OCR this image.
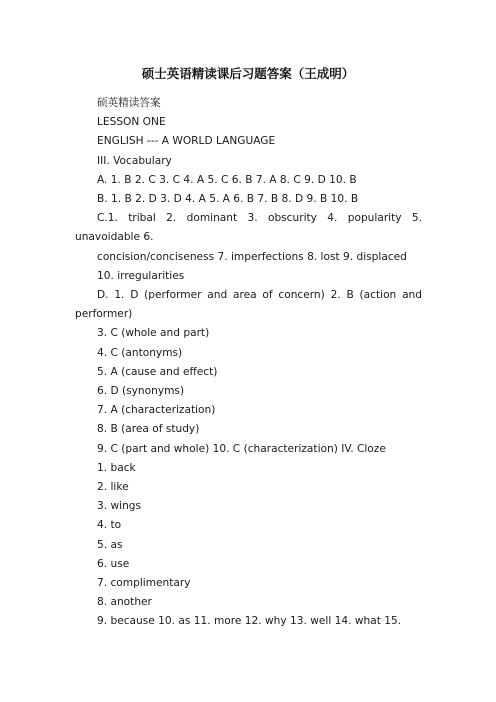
硕士英语精读课后习题答案（王成明）
硕英精读答案
LESSON ONE
ENGLISH --- A WORLD LANGUAGE
III. Vocabulary
A. 1. B 2. C 3. C 4. A 5. C 6. B 7. A 8. C 9. D 10. B
B. 1. B 2. D 3. D 4. A 5. A 6. B 7. B 8. D 9. B 10. B
C.1. tribal 2. dominant 3. obscurity 4. popularity 5. unavoidable 6.
concision/conciseness 7. imperfections 8. lost 9. displaced 10. irregularities
D. 1. D (performer and area of concern) 2. B (action and performer)
3. C (whole and part)
4. C (antonyms)
5. A (cause and effect)
6. D (synonyms)
7. A (characterization)
8. B (area of study)
9. C (part and whole) 10. C (characterization) IV. Cloze
1. back
2. like
3. wings
4. to
5. as
6. use
7. complimentary
8. another
9. because 10. as 11. more 12. why 13. well 14. what 15.
